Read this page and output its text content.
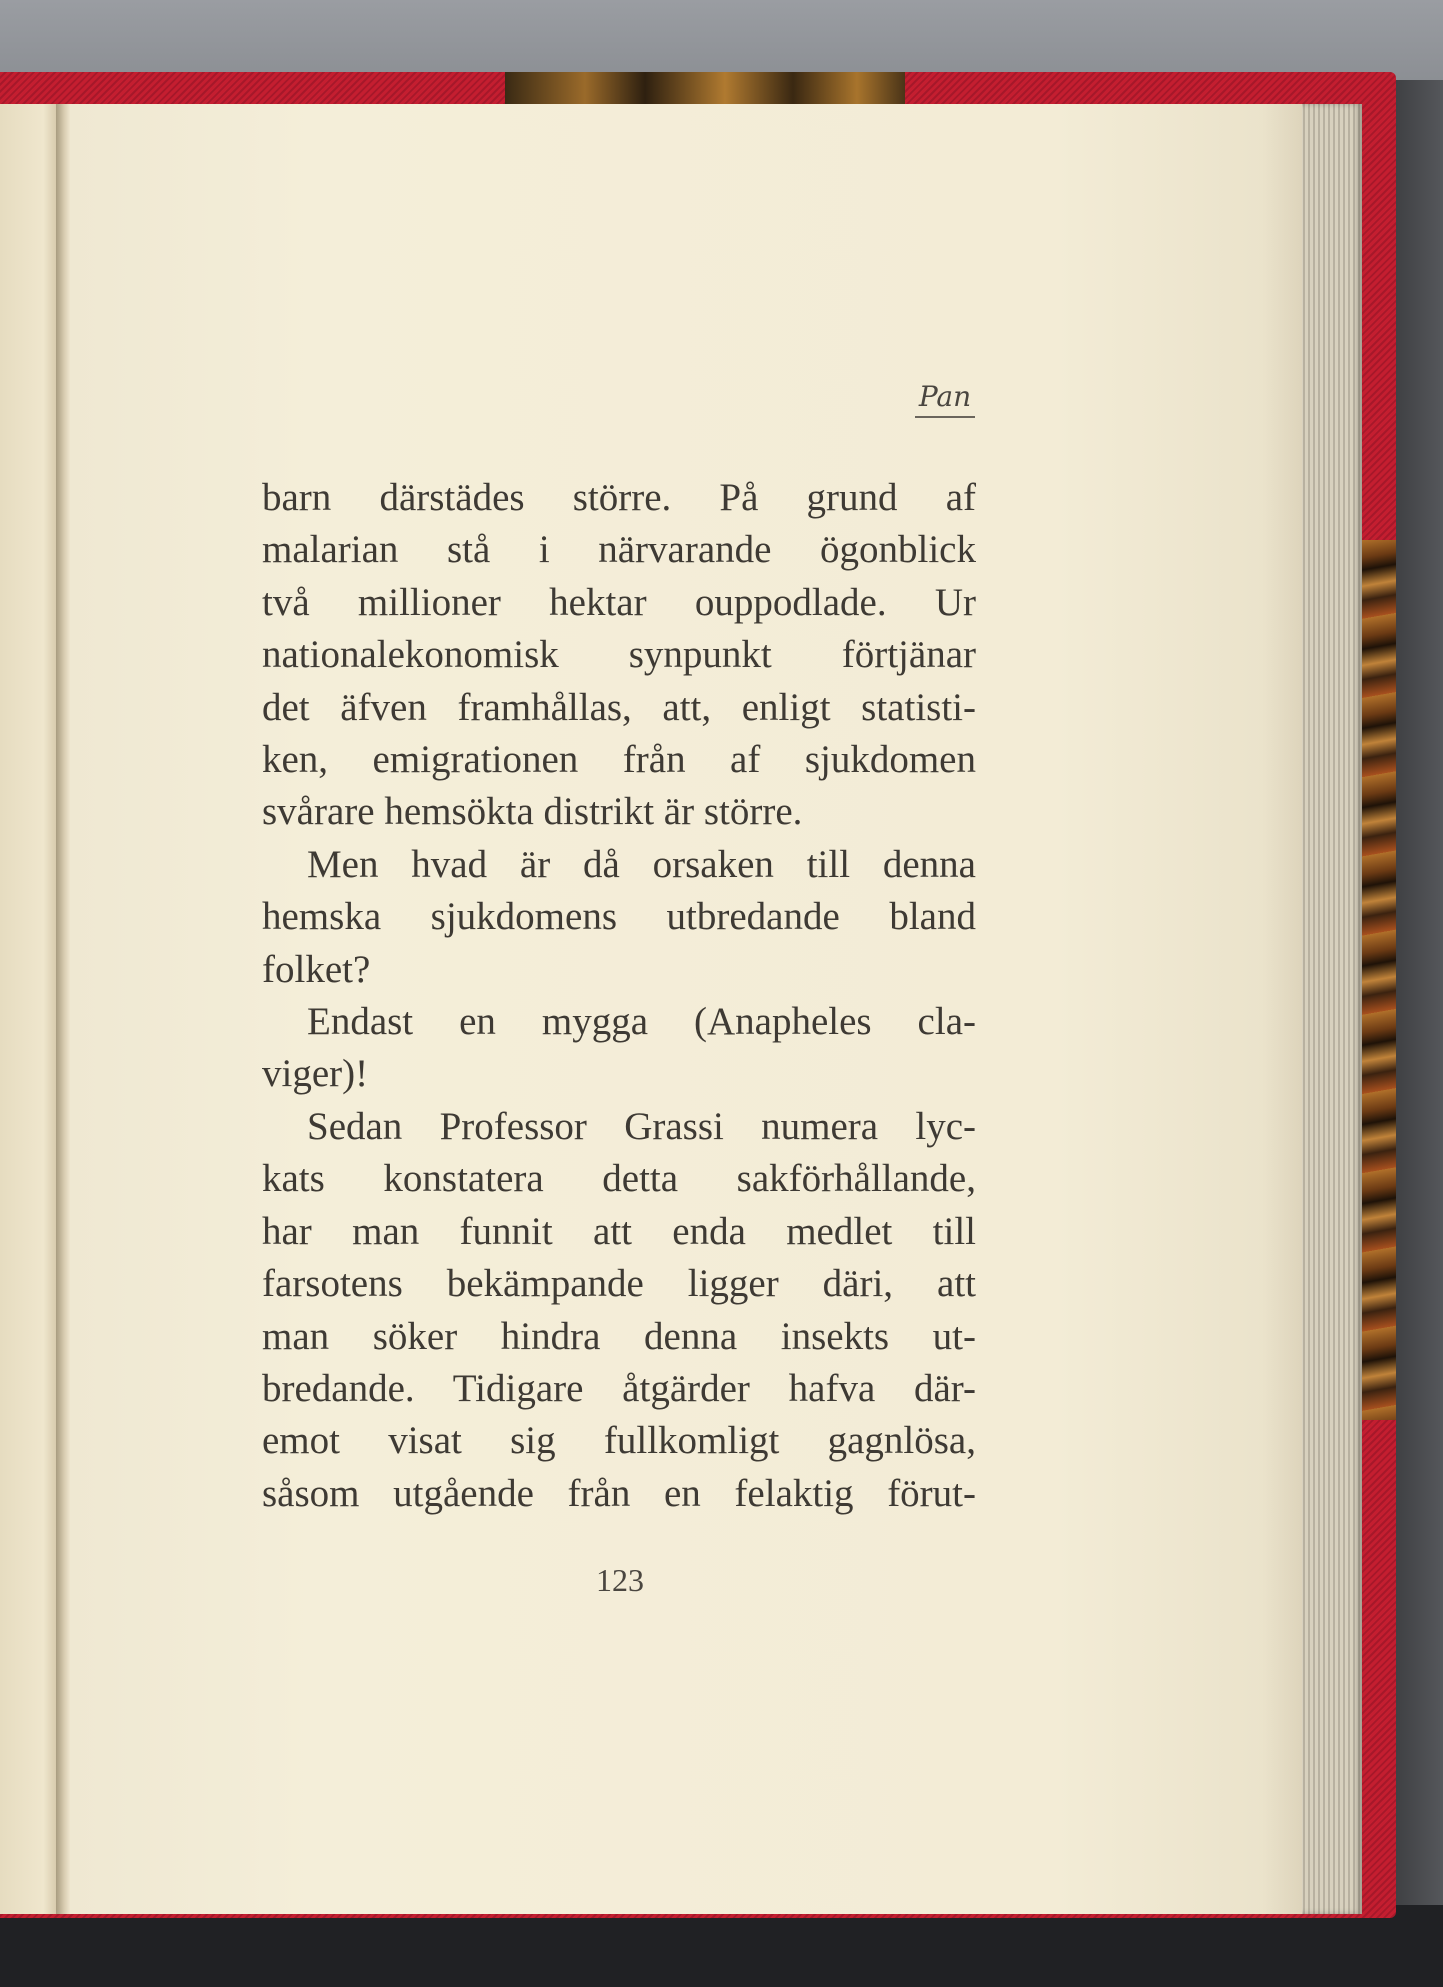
Pan
barn därstädes större. På grund af
malarian stå i närvarande ögonblick
två millioner hektar ouppodlade. Ur
nationalekonomisk synpunkt förtjänar
det äfven framhållas, att, enligt statisti-
ken, emigrationen från af sjukdomen
svårare hemsökta distrikt är större.
Men hvad är då orsaken till denna
hemska sjukdomens utbredande bland
folket?
Endast en mygga (Anapheles cla-
viger)!
Sedan Professor Grassi numera lyc-
kats konstatera detta sakförhållande,
har man funnit att enda medlet till
farsotens bekämpande ligger däri, att
man söker hindra denna insekts ut-
bredande. Tidigare åtgärder hafva där-
emot visat sig fullkomligt gagnlösa,
såsom utgående från en felaktig förut-
123
